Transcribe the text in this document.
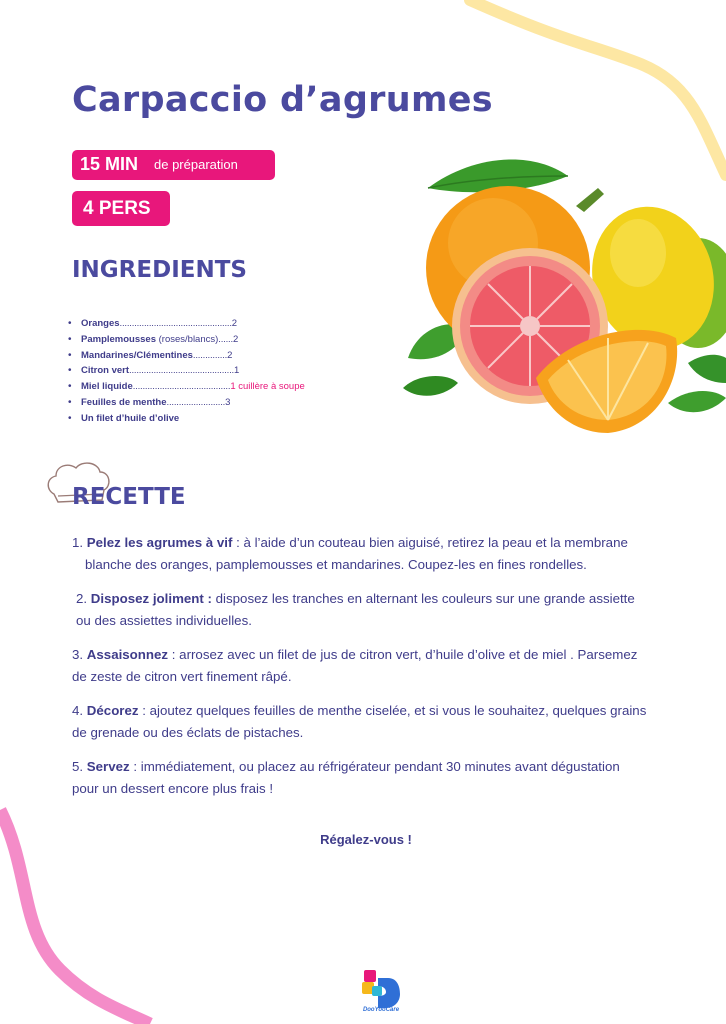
Carpaccio d’agrumes
15 MIN de préparation
4 PERS
INGREDIENTS
• Oranges..............................................2
• Pamplemousses (roses/blancs)......2
• Mandarines/Clémentines..............2
• Citron vert...........................................1
• Miel liquide........................................1 cuillère à soupe
• Feuilles de menthe........................3
• Un filet d’huile d’olive
RECETTE

1. Pelez les agrumes à vif : à l’aide d’un couteau bien aiguisé, retirez la peau et la membrane
blanche des oranges, pamplemousses et mandarines. Coupez-les en fines rondelles.

2. Disposez joliment : disposez les tranches en alternant les couleurs sur une grande assiette
ou des assiettes individuelles.

3. Assaisonnez : arrosez avec un filet de jus de citron vert, d’huile d’olive et de miel . Parsemez
de zeste de citron vert finement râpé.

4. Décorez : ajoutez quelques feuilles de menthe ciselée, et si vous le souhaitez, quelques grains
de grenade ou des éclats de pistaches.

5. Servez : immédiatement, ou placez au réfrigérateur pendant 30 minutes avant dégustation
pour un dessert encore plus frais !

Régalez-vous !

DooYooCare
